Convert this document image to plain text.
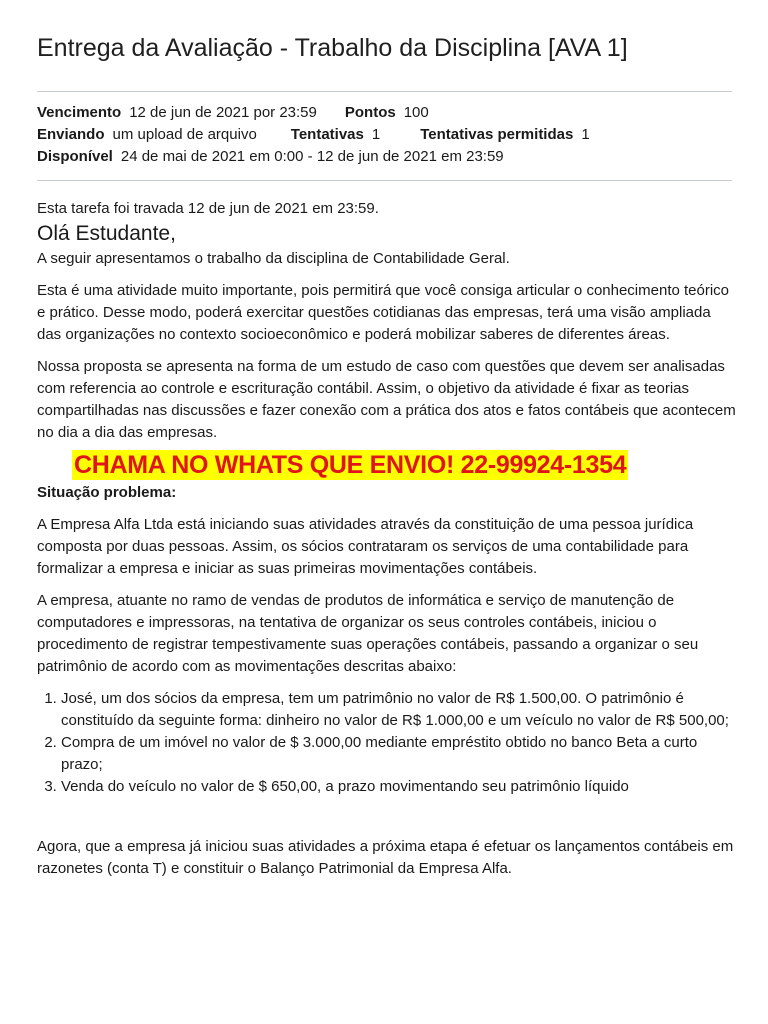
Entrega da Avaliação - Trabalho da Disciplina [AVA 1]
Vencimento 12 de jun de 2021 por 23:59 Pontos 100
Enviando um upload de arquivo Tentativas 1	Tentativas permitidas 1
Disponível 24 de mai de 2021 em 0:00 - 12 de jun de 2021 em 23:59

Esta tarefa foi travada 12 de jun de 2021 em 23:59.

Olá Estudante,

A seguir apresentamos o trabalho da disciplina de Contabilidade Geral.

Esta é uma atividade muito importante, pois permitirá que você consiga articular o conhecimento teórico e prático. Desse modo, poderá exercitar questões cotidianas das empresas, terá uma visão ampliada das organizações no contexto socioeconômico e poderá mobilizar saberes de diferentes áreas.

Nossa proposta se apresenta na forma de um estudo de caso com questões que devem ser analisadas com referencia ao controle e escrituração contábil. Assim, o objetivo da atividade é fixar as teorias compartilhadas nas discussões e fazer conexão com a prática dos atos e fatos contábeis que acontecem no dia a dia das empresas.

CHAMA NO WHATS QUE ENVIO! 22-99924-1354

Situação problema:

A Empresa Alfa Ltda está iniciando suas atividades através da constituição de uma pessoa jurídica composta por duas pessoas. Assim, os sócios contrataram os serviços de uma contabilidade para formalizar a empresa e iniciar as suas primeiras movimentações contábeis.

A empresa, atuante no ramo de vendas de produtos de informática e serviço de manutenção de computadores e impressoras, na tentativa de organizar os seus controles contábeis, iniciou o procedimento de registrar tempestivamente suas operações contábeis, passando a organizar o seu patrimônio de acordo com as movimentações descritas abaixo:

1. José, um dos sócios da empresa, tem um patrimônio no valor de R$ 1.500,00. O patrimônio é constituído da seguinte forma: dinheiro no valor de R$ 1.000,00 e um veículo no valor de R$ 500,00;
2. Compra de um imóvel no valor de $ 3.000,00 mediante empréstito obtido no banco Beta a curto prazo;
3. Venda do veículo no valor de $ 650,00, a prazo movimentando seu patrimônio líquido

Agora, que a empresa já iniciou suas atividades a próxima etapa é efetuar os lançamentos contábeis em razonetes (conta T) e constituir o Balanço Patrimonial da Empresa Alfa.
